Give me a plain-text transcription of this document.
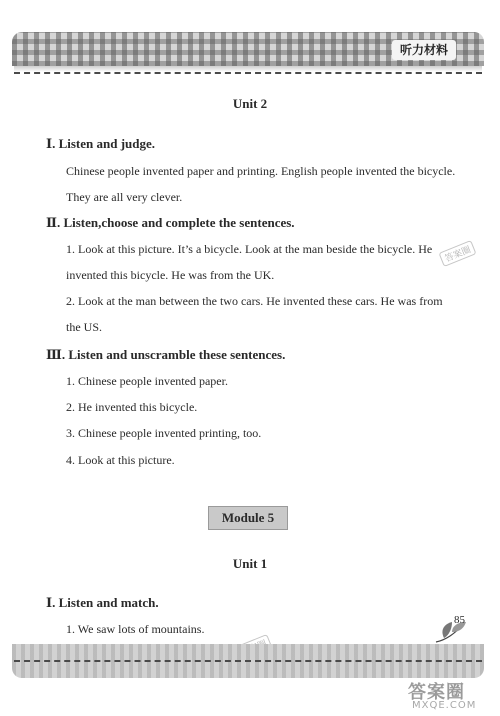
听力材料
Unit 2
Ⅰ. Listen and judge.
Chinese people invented paper and printing. English people invented the bicycle.
They are all very clever.
Ⅱ. Listen,choose and complete the sentences.
1. Look at this picture. It’s a bicycle. Look at the man beside the bicycle. He
invented this bicycle. He was from the UK.
2. Look at the man between the two cars. He invented these cars. He was from
the US.
Ⅲ. Listen and unscramble these sentences.
1. Chinese people invented paper.
2. He invented this bicycle.
3. Chinese people invented printing, too.
4. Look at this picture.
Module 5
Unit 1
Ⅰ. Listen and match.
1. We saw lots of mountains.
答案圈
85
答案圈
MXQE.COM
